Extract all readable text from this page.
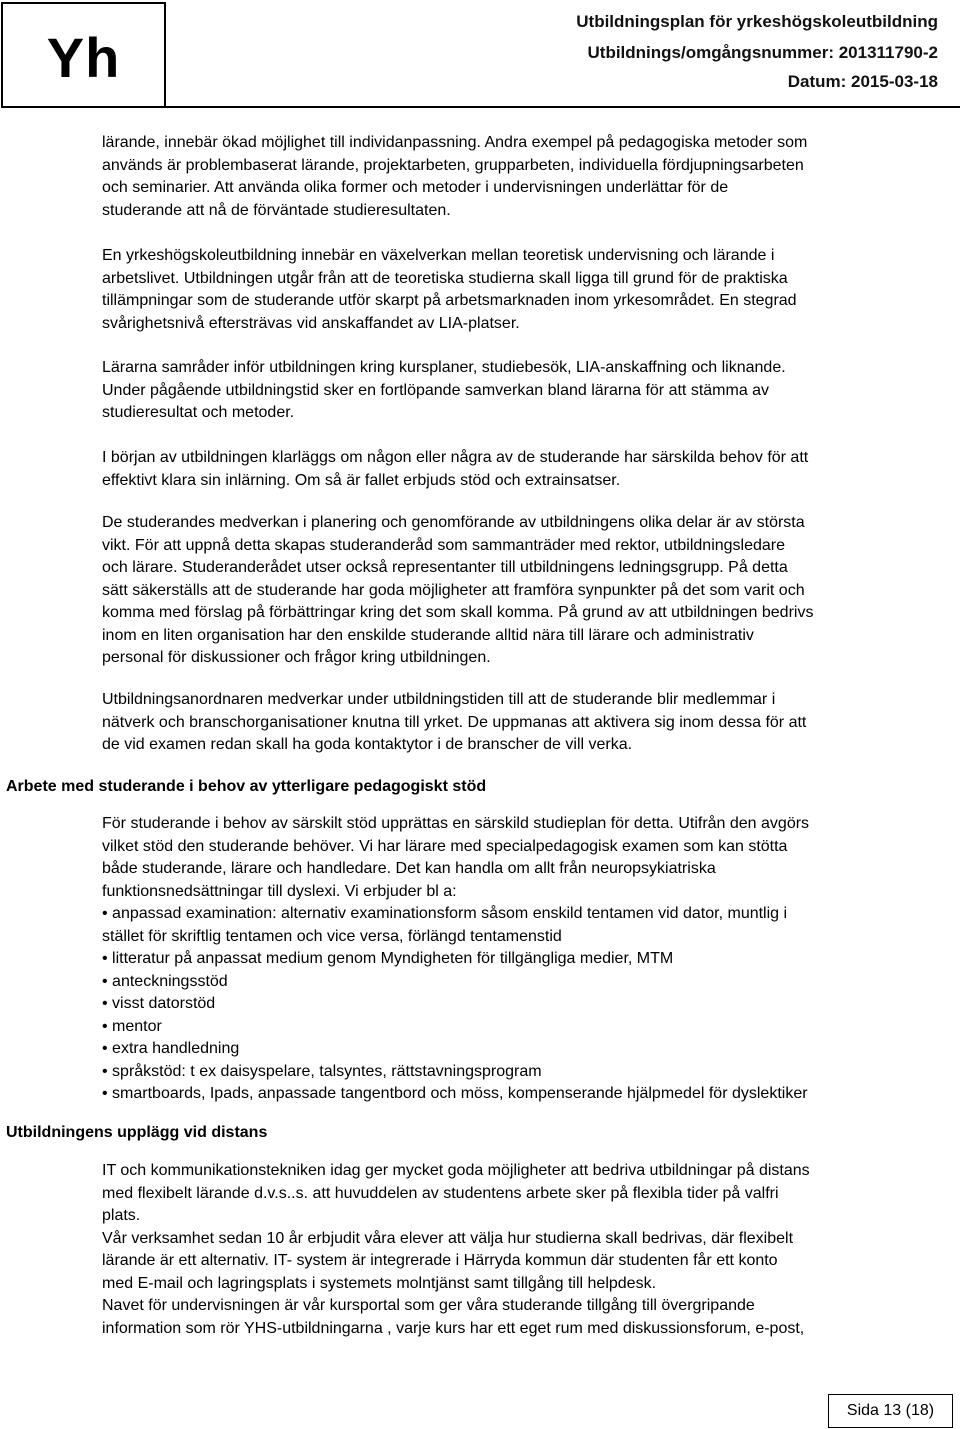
Yh
Utbildningsplan för yrkeshögskoleutbildning
Utbildnings/omgångsnummer: 201311790-2
Datum: 2015-03-18

lärande, innebär ökad möjlighet till individanpassning. Andra exempel på pedagogiska metoder som
används är problembaserat lärande, projektarbeten, grupparbeten, individuella fördjupningsarbeten
och seminarier. Att använda olika former och metoder i undervisningen underlättar för de
studerande att nå de förväntade studieresultaten.

En yrkeshögskoleutbildning innebär en växelverkan mellan teoretisk undervisning och lärande i
arbetslivet. Utbildningen utgår från att de teoretiska studierna skall ligga till grund för de praktiska
tillämpningar som de studerande utför skarpt på arbetsmarknaden inom yrkesområdet. En stegrad
svårighetsnivå eftersträvas vid anskaffandet av LIA-platser.

Lärarna samråder inför utbildningen kring kursplaner, studiebesök, LIA-anskaffning och liknande.
Under pågående utbildningstid sker en fortlöpande samverkan bland lärarna för att stämma av
studieresultat och metoder.

I början av utbildningen klarläggs om någon eller några av de studerande har särskilda behov för att
effektivt klara sin inlärning. Om så är fallet erbjuds stöd och extrainsatser.

De studerandes medverkan i planering och genomförande av utbildningens olika delar är av största
vikt. För att uppnå detta skapas studeranderåd som sammanträder med rektor, utbildningsledare
och lärare. Studeranderådet utser också representanter till utbildningens ledningsgrupp. På detta
sätt säkerställs att de studerande har goda möjligheter att framföra synpunkter på det som varit och
komma med förslag på förbättringar kring det som skall komma. På grund av att utbildningen bedrivs
inom en liten organisation har den enskilde studerande alltid nära till lärare och administrativ
personal för diskussioner och frågor kring utbildningen.

Utbildningsanordnaren medverkar under utbildningstiden till att de studerande blir medlemmar i
nätverk och branschorganisationer knutna till yrket. De uppmanas att aktivera sig inom dessa för att
de vid examen redan skall ha goda kontaktytor i de branscher de vill verka.

Arbete med studerande i behov av ytterligare pedagogiskt stöd

För studerande i behov av särskilt stöd upprättas en särskild studieplan för detta. Utifrån den avgörs
vilket stöd den studerande behöver. Vi har lärare med specialpedagogisk examen som kan stötta
både studerande, lärare och handledare. Det kan handla om allt från neuropsykiatriska
funktionsnedsättningar till dyslexi. Vi erbjuder bl a:

• anpassad examination: alternativ examinationsform såsom enskild tentamen vid dator, muntlig i
stället för skriftlig tentamen och vice versa, förlängd tentamenstid
• litteratur på anpassat medium genom Myndigheten för tillgängliga medier, MTM
• anteckningsstöd
• visst datorstöd
• mentor
• extra handledning
• språkstöd: t ex daisyspelare, talsyntes, rättstavningsprogram
• smartboards, Ipads, anpassade tangentbord och möss, kompenserande hjälpmedel för dyslektiker
Utbildningens upplägg vid distans

IT och kommunikationstekniken idag ger mycket goda möjligheter att bedriva utbildningar på distans
med flexibelt lärande d.v.s..s. att huvuddelen av studentens arbete sker på flexibla tider på valfri
plats.
Vår verksamhet sedan 10 år erbjudit våra elever att välja hur studierna skall bedrivas, där flexibelt
lärande är ett alternativ. IT- system är integrerade i Härryda kommun där studenten får ett konto
med E-mail och lagringsplats i systemets molntjänst samt tillgång till helpdesk.
Navet för undervisningen är vår kursportal som ger våra studerande tillgång till övergripande
information som rör YHS-utbildningarna , varje kurs har ett eget rum med diskussionsforum, e-post,

Sida 13 (18)
